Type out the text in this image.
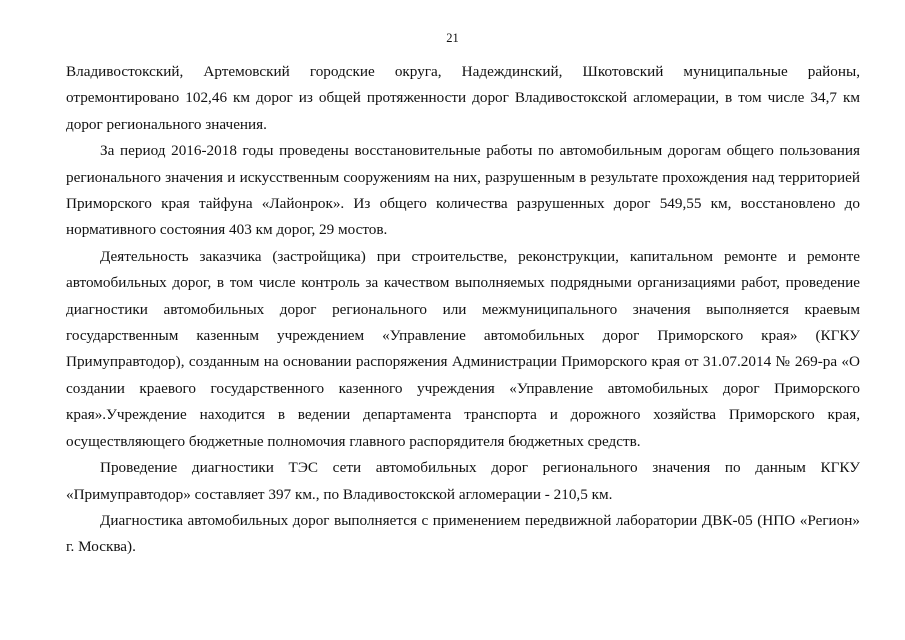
21

Владивостокский, Артемовский городские округа, Надеждинский, Шкотовский муниципальные районы, отремонтировано 102,46 км дорог из общей протяженности дорог Владивостокской агломерации, в том числе 34,7 км дорог регионального значения.

За период 2016-2018 годы проведены восстановительные работы по автомобильным дорогам общего пользования регионального значения и искусственным сооружениям на них, разрушенным в результате прохождения над территорией Приморского края тайфуна «Лайонрок». Из общего количества разрушенных дорог 549,55 км, восстановлено до нормативного состояния 403 км дорог, 29 мостов.

Деятельность заказчика (застройщика) при строительстве, реконструкции, капитальном ремонте и ремонте автомобильных дорог, в том числе контроль за качеством выполняемых подрядными организациями работ, проведение диагностики автомобильных дорог регионального или межмуниципального значения выполняется краевым государственным казенным учреждением «Управление автомобильных дорог Приморского края» (КГКУ Примуправтодор), созданным на основании распоряжения Администрации Приморского края от 31.07.2014 № 269-ра «О создании краевого государственного казенного учреждения «Управление автомобильных дорог Приморского края».Учреждение находится в ведении департамента транспорта и дорожного хозяйства Приморского края, осуществляющего бюджетные полномочия главного распорядителя бюджетных средств.

Проведение диагностики ТЭС сети автомобильных дорог регионального значения по данным КГКУ «Примуправтодор» составляет 397 км., по Владивостокской агломерации - 210,5 км.

Диагностика автомобильных дорог выполняется с применением передвижной лаборатории ДВК-05 (НПО «Регион» г. Москва).
